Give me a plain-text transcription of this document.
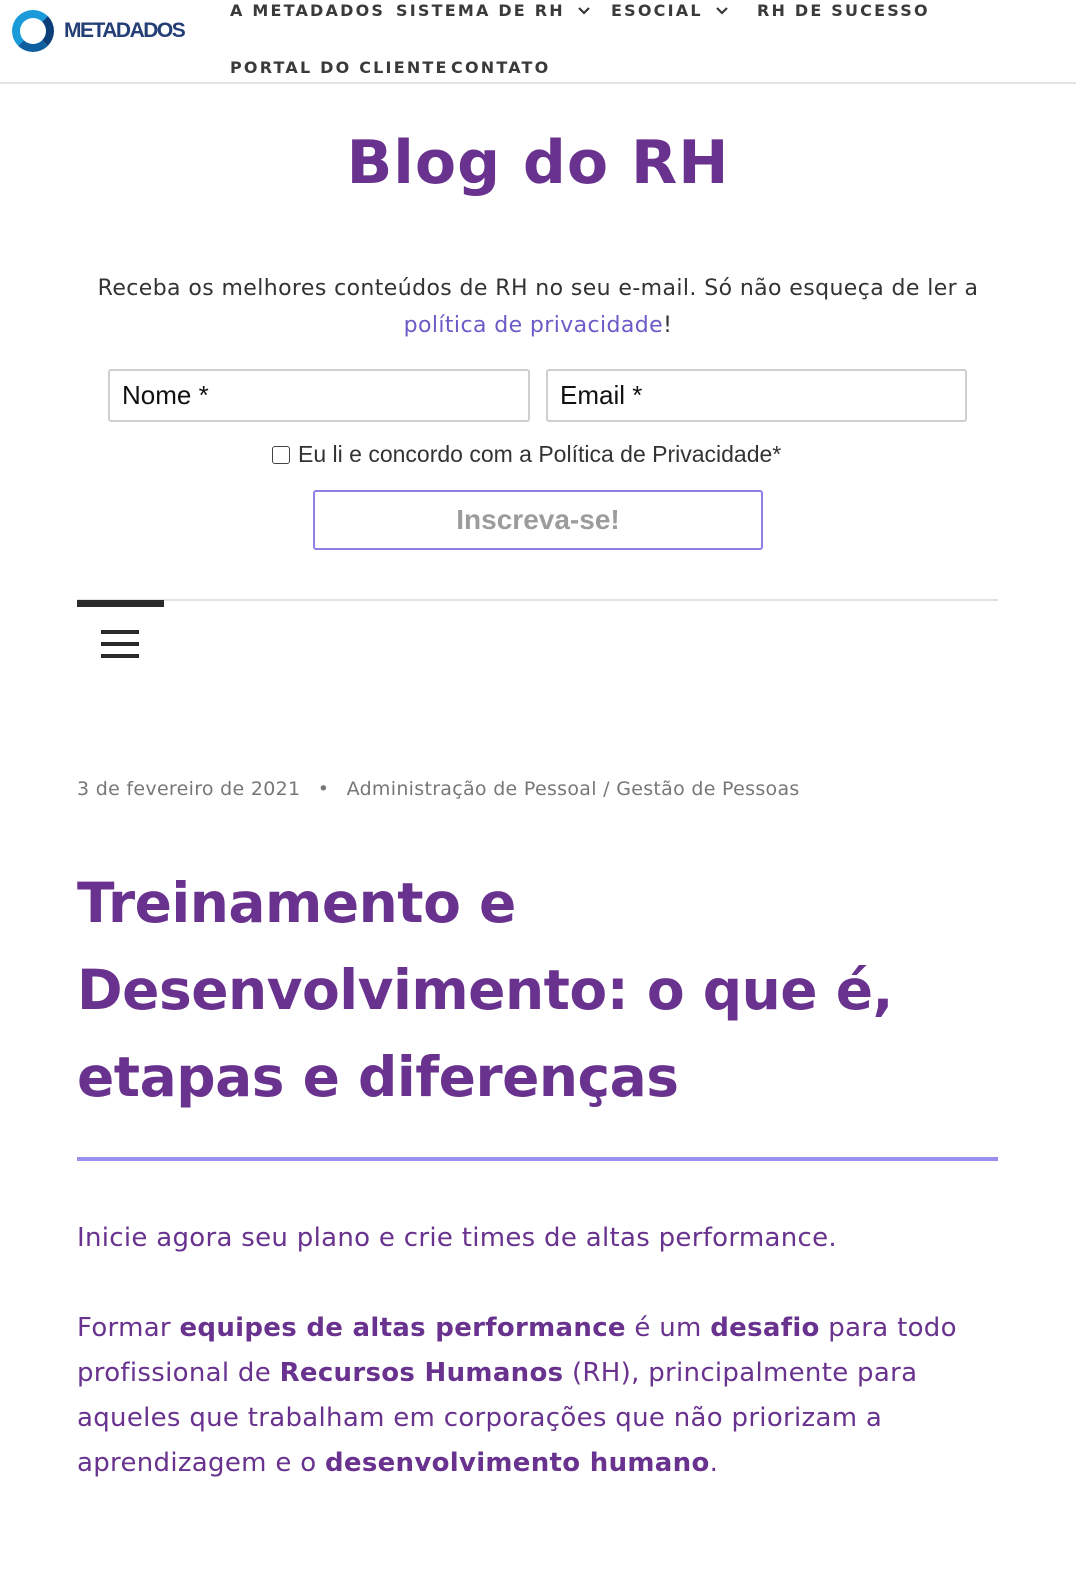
METADADOS
A METADADOS SISTEMA DE RH	ESOCIAL	RH DE SUCESSO
PORTAL DO CLIENTE CONTATO
Blog do RH

Receba os melhores conteúdos de RH no seu e-mail. Só não esqueça de ler a política de privacidade!

Nome *
Email *
Eu li e concordo com a Política de Privacidade*
Inscreva-se!
3 de fevereiro de 2021 • Administração de Pessoal / Gestão de Pessoas
Treinamento e
Desenvolvimento: o que é,
etapas e diferenças

Inicie agora seu plano e crie times de altas performance.

Formar equipes de altas performance é um desafio para todo profissional de Recursos Humanos (RH), principalmente para aqueles que trabalham em corporações que não priorizam a aprendizagem e o desenvolvimento humano.
